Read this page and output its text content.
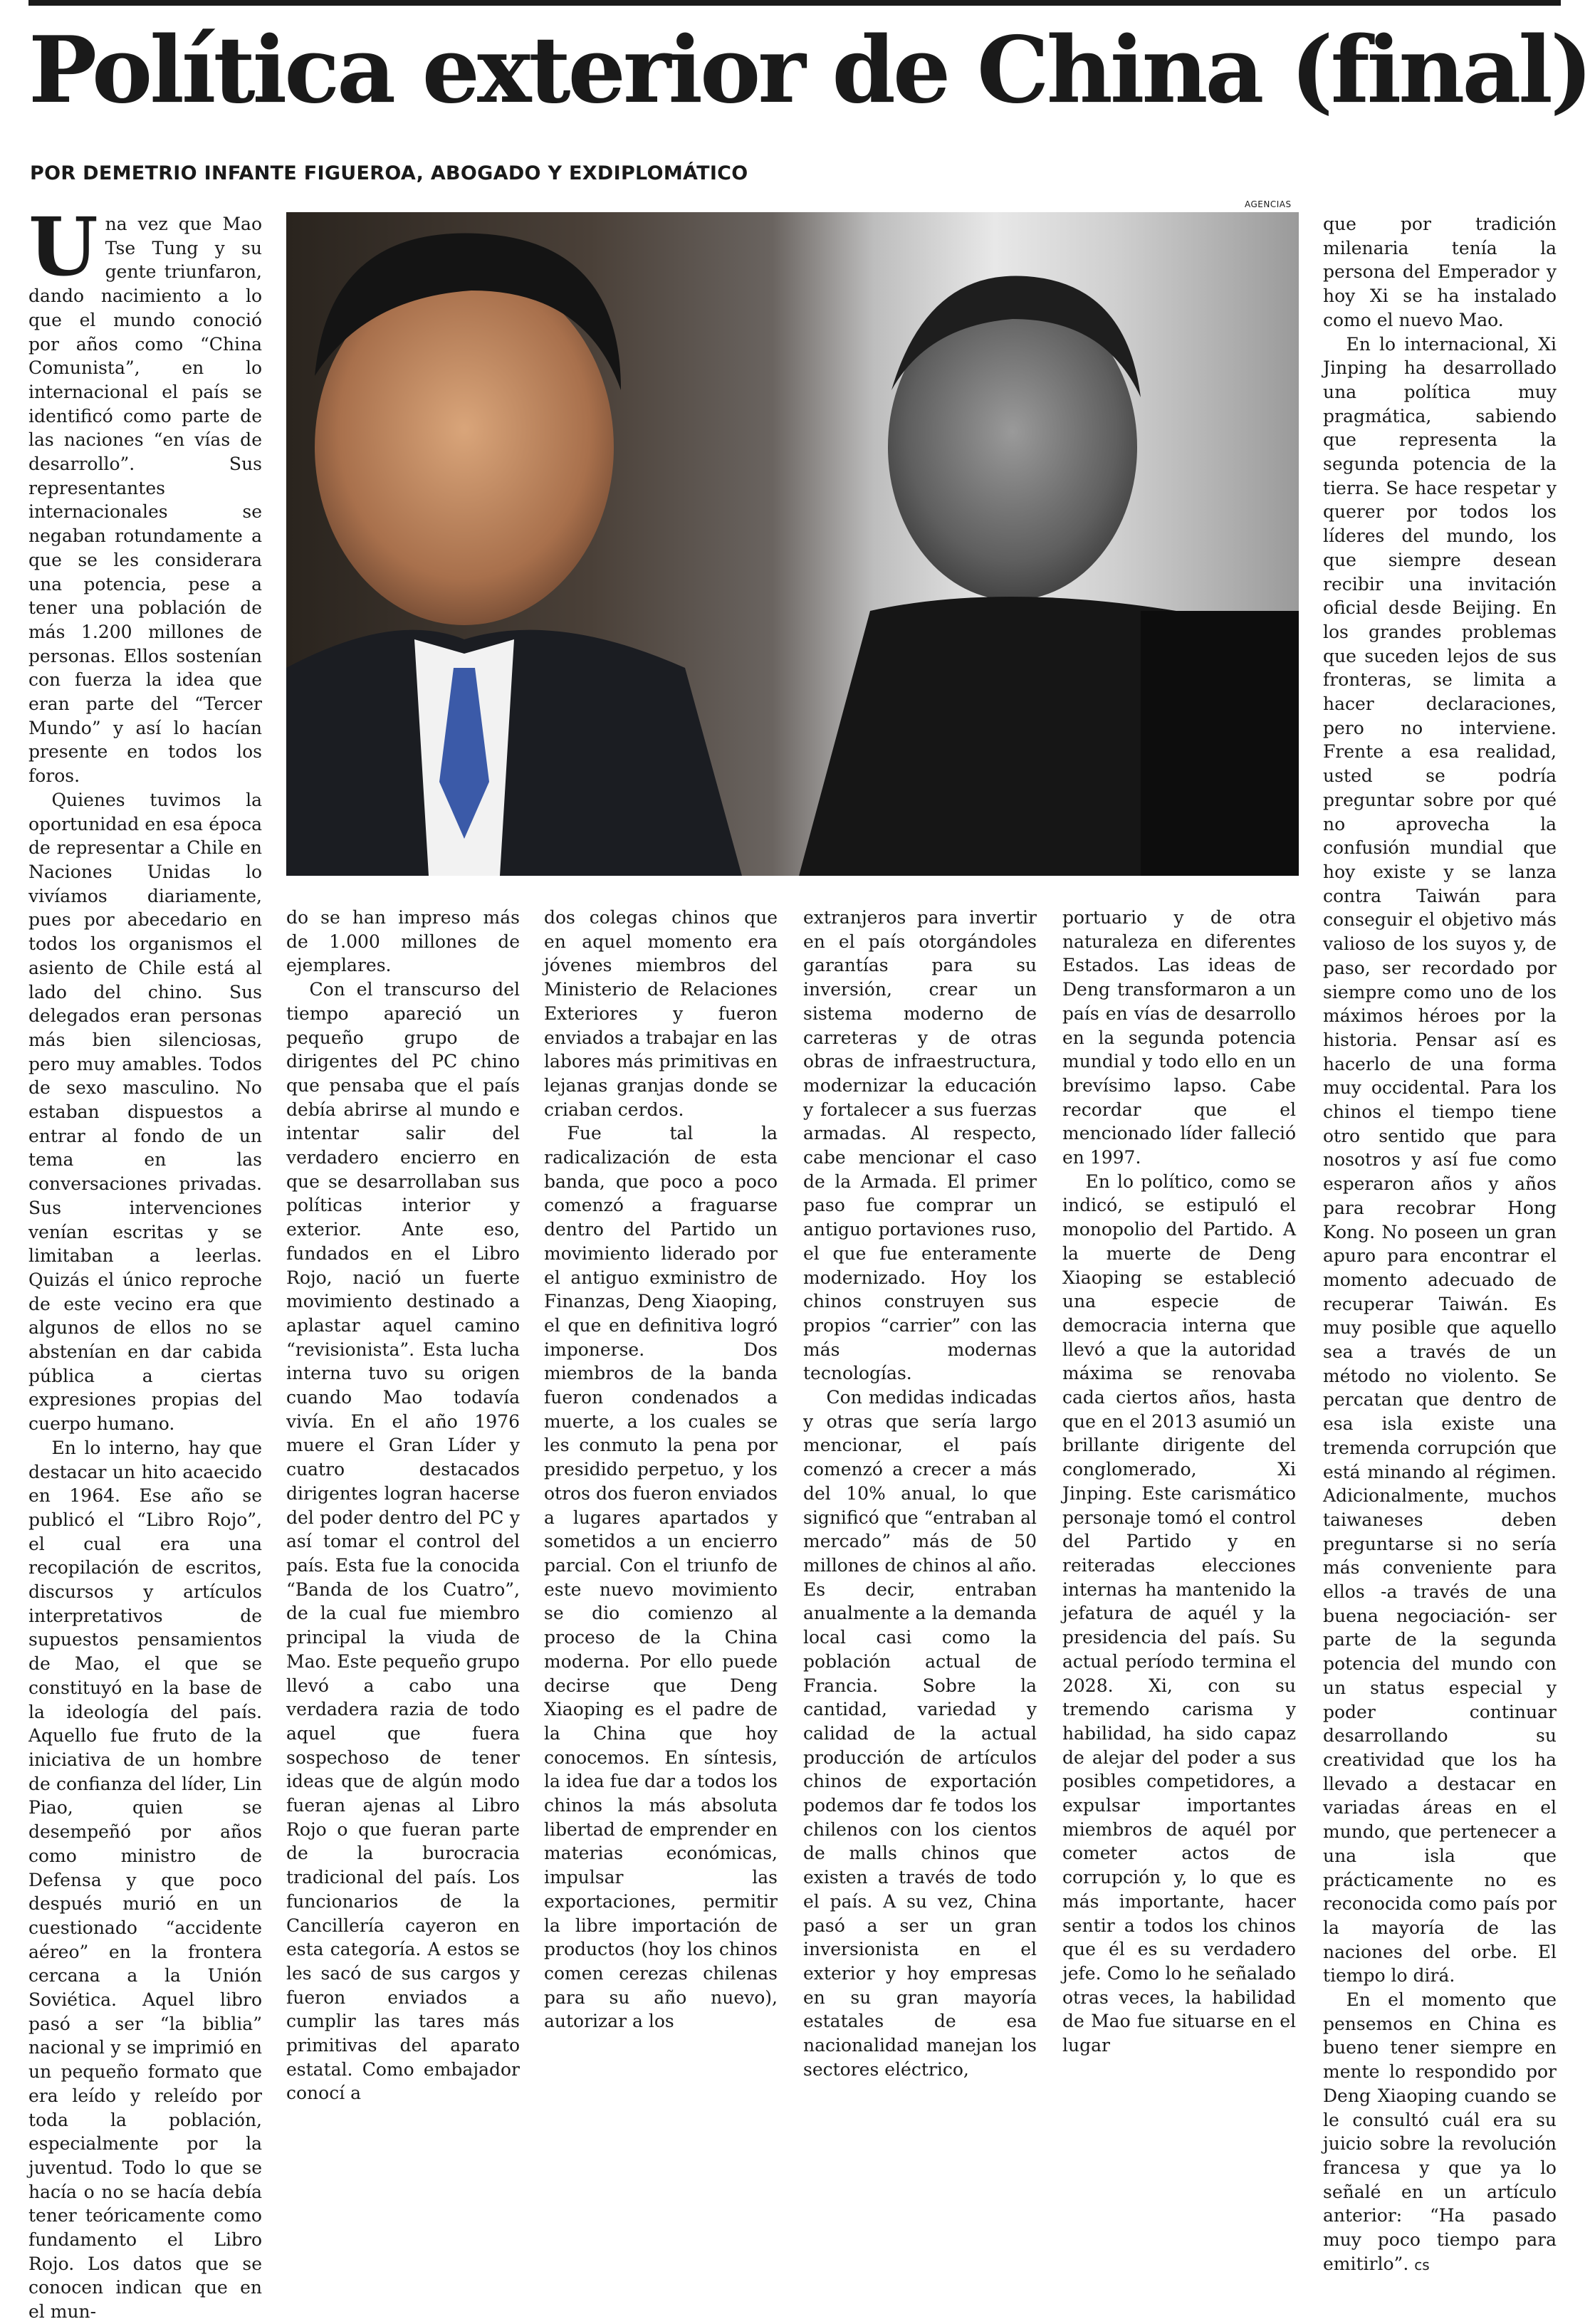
Política exterior de China (final)
POR DEMETRIO INFANTE FIGUEROA, ABOGADO Y EXDIPLOMÁTICO
U na vez que Mao Tse Tung y su gente triunfaron, dando nacimiento a lo que el mundo conoció por años como “China Comunista”, en lo internacional el país se identificó como parte de las naciones “en vías de desarrollo”. Sus representantes internacionales se negaban rotundamente a que se les considerara una potencia, pese a tener una población de más 1.200 millones de personas. Ellos sostenían con fuerza la idea que eran parte del “Tercer Mundo” y así lo hacían presente en todos los foros.

Quienes tuvimos la oportunidad en esa época de representar a Chile en Naciones Unidas lo vivíamos diariamente, pues por abecedario en todos los organismos el asiento de Chile está al lado del chino. Sus delegados eran personas más bien silenciosas, pero muy amables. Todos de sexo masculino. No estaban dispuestos a entrar al fondo de un tema en las conversaciones privadas. Sus intervenciones venían escritas y se limitaban a leerlas. Quizás el único reproche de este vecino era que algunos de ellos no se abstenían en dar cabida pública a ciertas expresiones propias del cuerpo humano.

En lo interno, hay que destacar un hito acaecido en 1964. Ese año se publicó el “Libro Rojo”, el cual era una recopilación de escritos, discursos y artículos interpretativos de supuestos pensamientos de Mao, el que se constituyó en la base de la ideología del país. Aquello fue fruto de la iniciativa de un hombre de confianza del líder, Lin Piao, quien se desempeñó por años como ministro de Defensa y que poco después murió en un cuestionado “accidente aéreo” en la frontera cercana a la Unión Soviética. Aquel libro pasó a ser “la biblia” nacional y se imprimió en un pequeño formato que era leído y releído por toda la población, especialmente por la juventud. Todo lo que se hacía o no se hacía debía tener teóricamente como fundamento el Libro Rojo. Los datos que se conocen indican que en el mun-

AGENCIAS

do se han impreso más de 1.000 millones de ejemplares.

Con el transcurso del tiempo apareció un pequeño grupo de dirigentes del PC chino que pensaba que el país debía abrirse al mundo e intentar salir del verdadero encierro en que se desarrollaban sus políticas interior y exterior. Ante eso, fundados en el Libro Rojo, nació un fuerte movimiento destinado a aplastar aquel camino “revisionista”. Esta lucha interna tuvo su origen cuando Mao todavía vivía. En el año 1976 muere el Gran Líder y cuatro destacados dirigentes logran hacerse del poder dentro del PC y así tomar el control del país. Esta fue la conocida “Banda de los Cuatro”, de la cual fue miembro principal la viuda de Mao. Este pequeño grupo llevó a cabo una verdadera razia de todo aquel que fuera sospechoso de tener ideas que de algún modo fueran ajenas al Libro Rojo o que fueran parte de la burocracia tradicional del país. Los funcionarios de la Cancillería cayeron en esta categoría. A estos se les sacó de sus cargos y fueron enviados a cumplir las tares más primitivas del aparato estatal. Como embajador conocí a

dos colegas chinos que en aquel momento era jóvenes miembros del Ministerio de Relaciones Exteriores y fueron enviados a trabajar en las labores más primitivas en lejanas granjas donde se criaban cerdos.

Fue tal la radicalización de esta banda, que poco a poco comenzó a fraguarse dentro del Partido un movimiento liderado por el antiguo exministro de Finanzas, Deng Xiaoping, el que en definitiva logró imponerse. Dos miembros de la banda fueron condenados a muerte, a los cuales se les conmuto la pena por presidido perpetuo, y los otros dos fueron enviados a lugares apartados y sometidos a un encierro parcial. Con el triunfo de este nuevo movimiento se dio comienzo al proceso de la China moderna. Por ello puede decirse que Deng Xiaoping es el padre de la China que hoy conocemos. En síntesis, la idea fue dar a todos los chinos la más absoluta libertad de emprender en materias económicas, impulsar las exportaciones, permitir la libre importación de productos (hoy los chinos comen cerezas chilenas para su año nuevo), autorizar a los

extranjeros para invertir en el país otorgándoles garantías para su inversión, crear un sistema moderno de carreteras y de otras obras de infraestructura, modernizar la educación y fortalecer a sus fuerzas armadas. Al respecto, cabe mencionar el caso de la Armada. El primer paso fue comprar un antiguo portaviones ruso, el que fue enteramente modernizado. Hoy los chinos construyen sus propios “carrier” con las más modernas tecnologías.

Con medidas indicadas y otras que sería largo mencionar, el país comenzó a crecer a más del 10% anual, lo que significó que “entraban al mercado” más de 50 millones de chinos al año. Es decir, entraban anualmente a la demanda local casi como la población actual de Francia. Sobre la cantidad, variedad y calidad de la actual producción de artículos chinos de exportación podemos dar fe todos los chilenos con los cientos de malls chinos que existen a través de todo el país. A su vez, China pasó a ser un gran inversionista en el exterior y hoy empresas en su gran mayoría estatales de esa nacionalidad manejan los sectores eléctrico,

portuario y de otra naturaleza en diferentes Estados. Las ideas de Deng transformaron a un país en vías de desarrollo en la segunda potencia mundial y todo ello en un brevísimo lapso. Cabe recordar que el mencionado líder falleció en 1997.

En lo político, como se indicó, se estipuló el monopolio del Partido. A la muerte de Deng Xiaoping se estableció una especie de democracia interna que llevó a que la autoridad máxima se renovaba cada ciertos años, hasta que en el 2013 asumió un brillante dirigente del conglomerado, Xi Jinping. Este carismático personaje tomó el control del Partido y en reiteradas elecciones internas ha mantenido la jefatura de aquél y la presidencia del país. Su actual período termina el 2028. Xi, con su tremendo carisma y habilidad, ha sido capaz de alejar del poder a sus posibles competidores, a expulsar importantes miembros de aquél por cometer actos de corrupción y, lo que es más importante, hacer sentir a todos los chinos que él es su verdadero jefe. Como lo he señalado otras veces, la habilidad de Mao fue situarse en el lugar

que por tradición milenaria tenía la persona del Emperador y hoy Xi se ha instalado como el nuevo Mao.

En lo internacional, Xi Jinping ha desarrollado una política muy pragmática, sabiendo que representa la segunda potencia de la tierra. Se hace respetar y querer por todos los líderes del mundo, los que siempre desean recibir una invitación oficial desde Beijing. En los grandes problemas que suceden lejos de sus fronteras, se limita a hacer declaraciones, pero no interviene. Frente a esa realidad, usted se podría preguntar sobre por qué no aprovecha la confusión mundial que hoy existe y se lanza contra Taiwán para conseguir el objetivo más valioso de los suyos y, de paso, ser recordado por siempre como uno de los máximos héroes por la historia. Pensar así es hacerlo de una forma muy occidental. Para los chinos el tiempo tiene otro sentido que para nosotros y así fue como esperaron años y años para recobrar Hong Kong. No poseen un gran apuro para encontrar el momento adecuado de recuperar Taiwán. Es muy posible que aquello sea a través de un método no violento. Se percatan que dentro de esa isla existe una tremenda corrupción que está minando al régimen. Adicionalmente, muchos taiwaneses deben preguntarse si no sería más conveniente para ellos -a través de una buena negociación- ser parte de la segunda potencia del mundo con un status especial y poder continuar desarrollando su creatividad que los ha llevado a destacar en variadas áreas en el mundo, que pertenecer a una isla que prácticamente no es reconocida como país por la mayoría de las naciones del orbe. El tiempo lo dirá.

En el momento que pensemos en China es bueno tener siempre en mente lo respondido por Deng Xiaoping cuando se le consultó cuál era su juicio sobre la revolución francesa y que ya lo señalé en un artículo anterior: “Ha pasado muy poco tiempo para emitirlo”. cs
